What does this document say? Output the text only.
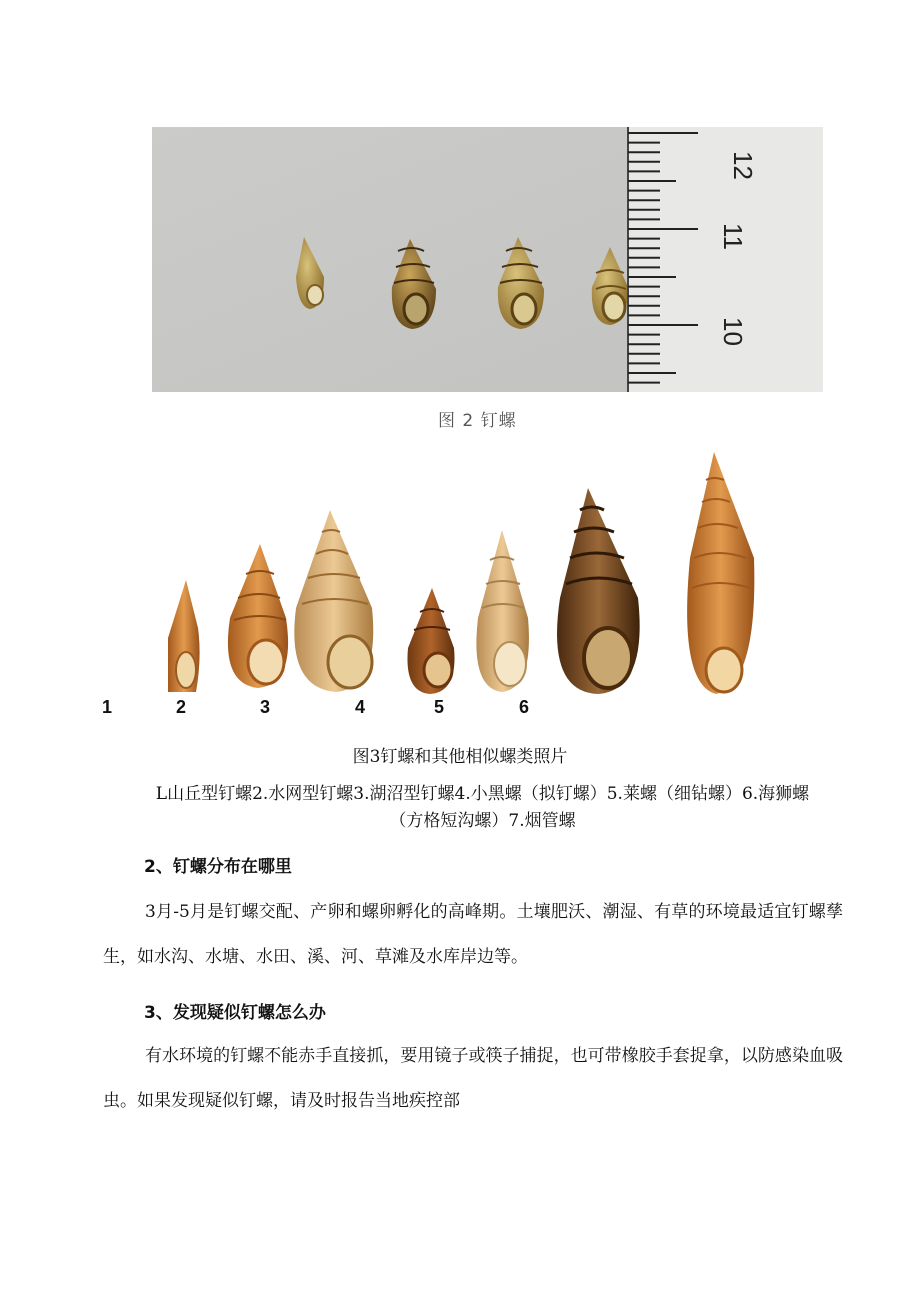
12
11
10
图 2 钉螺
1	2	3	4	5	6
图3钉螺和其他相似螺类照片
L山丘型钉螺2.水网型钉螺3.湖沼型钉螺4.小黑螺（拟钉螺）5.莱螺（细钻螺）6.海狮螺（方格短沟螺）7.烟管螺
2、钉螺分布在哪里
3月-5月是钉螺交配、产卵和螺卵孵化的高峰期。土壤肥沃、潮湿、有草的环境最适宜钉螺孳生，如水沟、水塘、水田、溪、河、草滩及水库岸边等。
3、发现疑似钉螺怎么办
有水环境的钉螺不能赤手直接抓，要用镜子或筷子捕捉，也可带橡胶手套捉拿，以防感染血吸虫。如果发现疑似钉螺，请及时报告当地疾控部
